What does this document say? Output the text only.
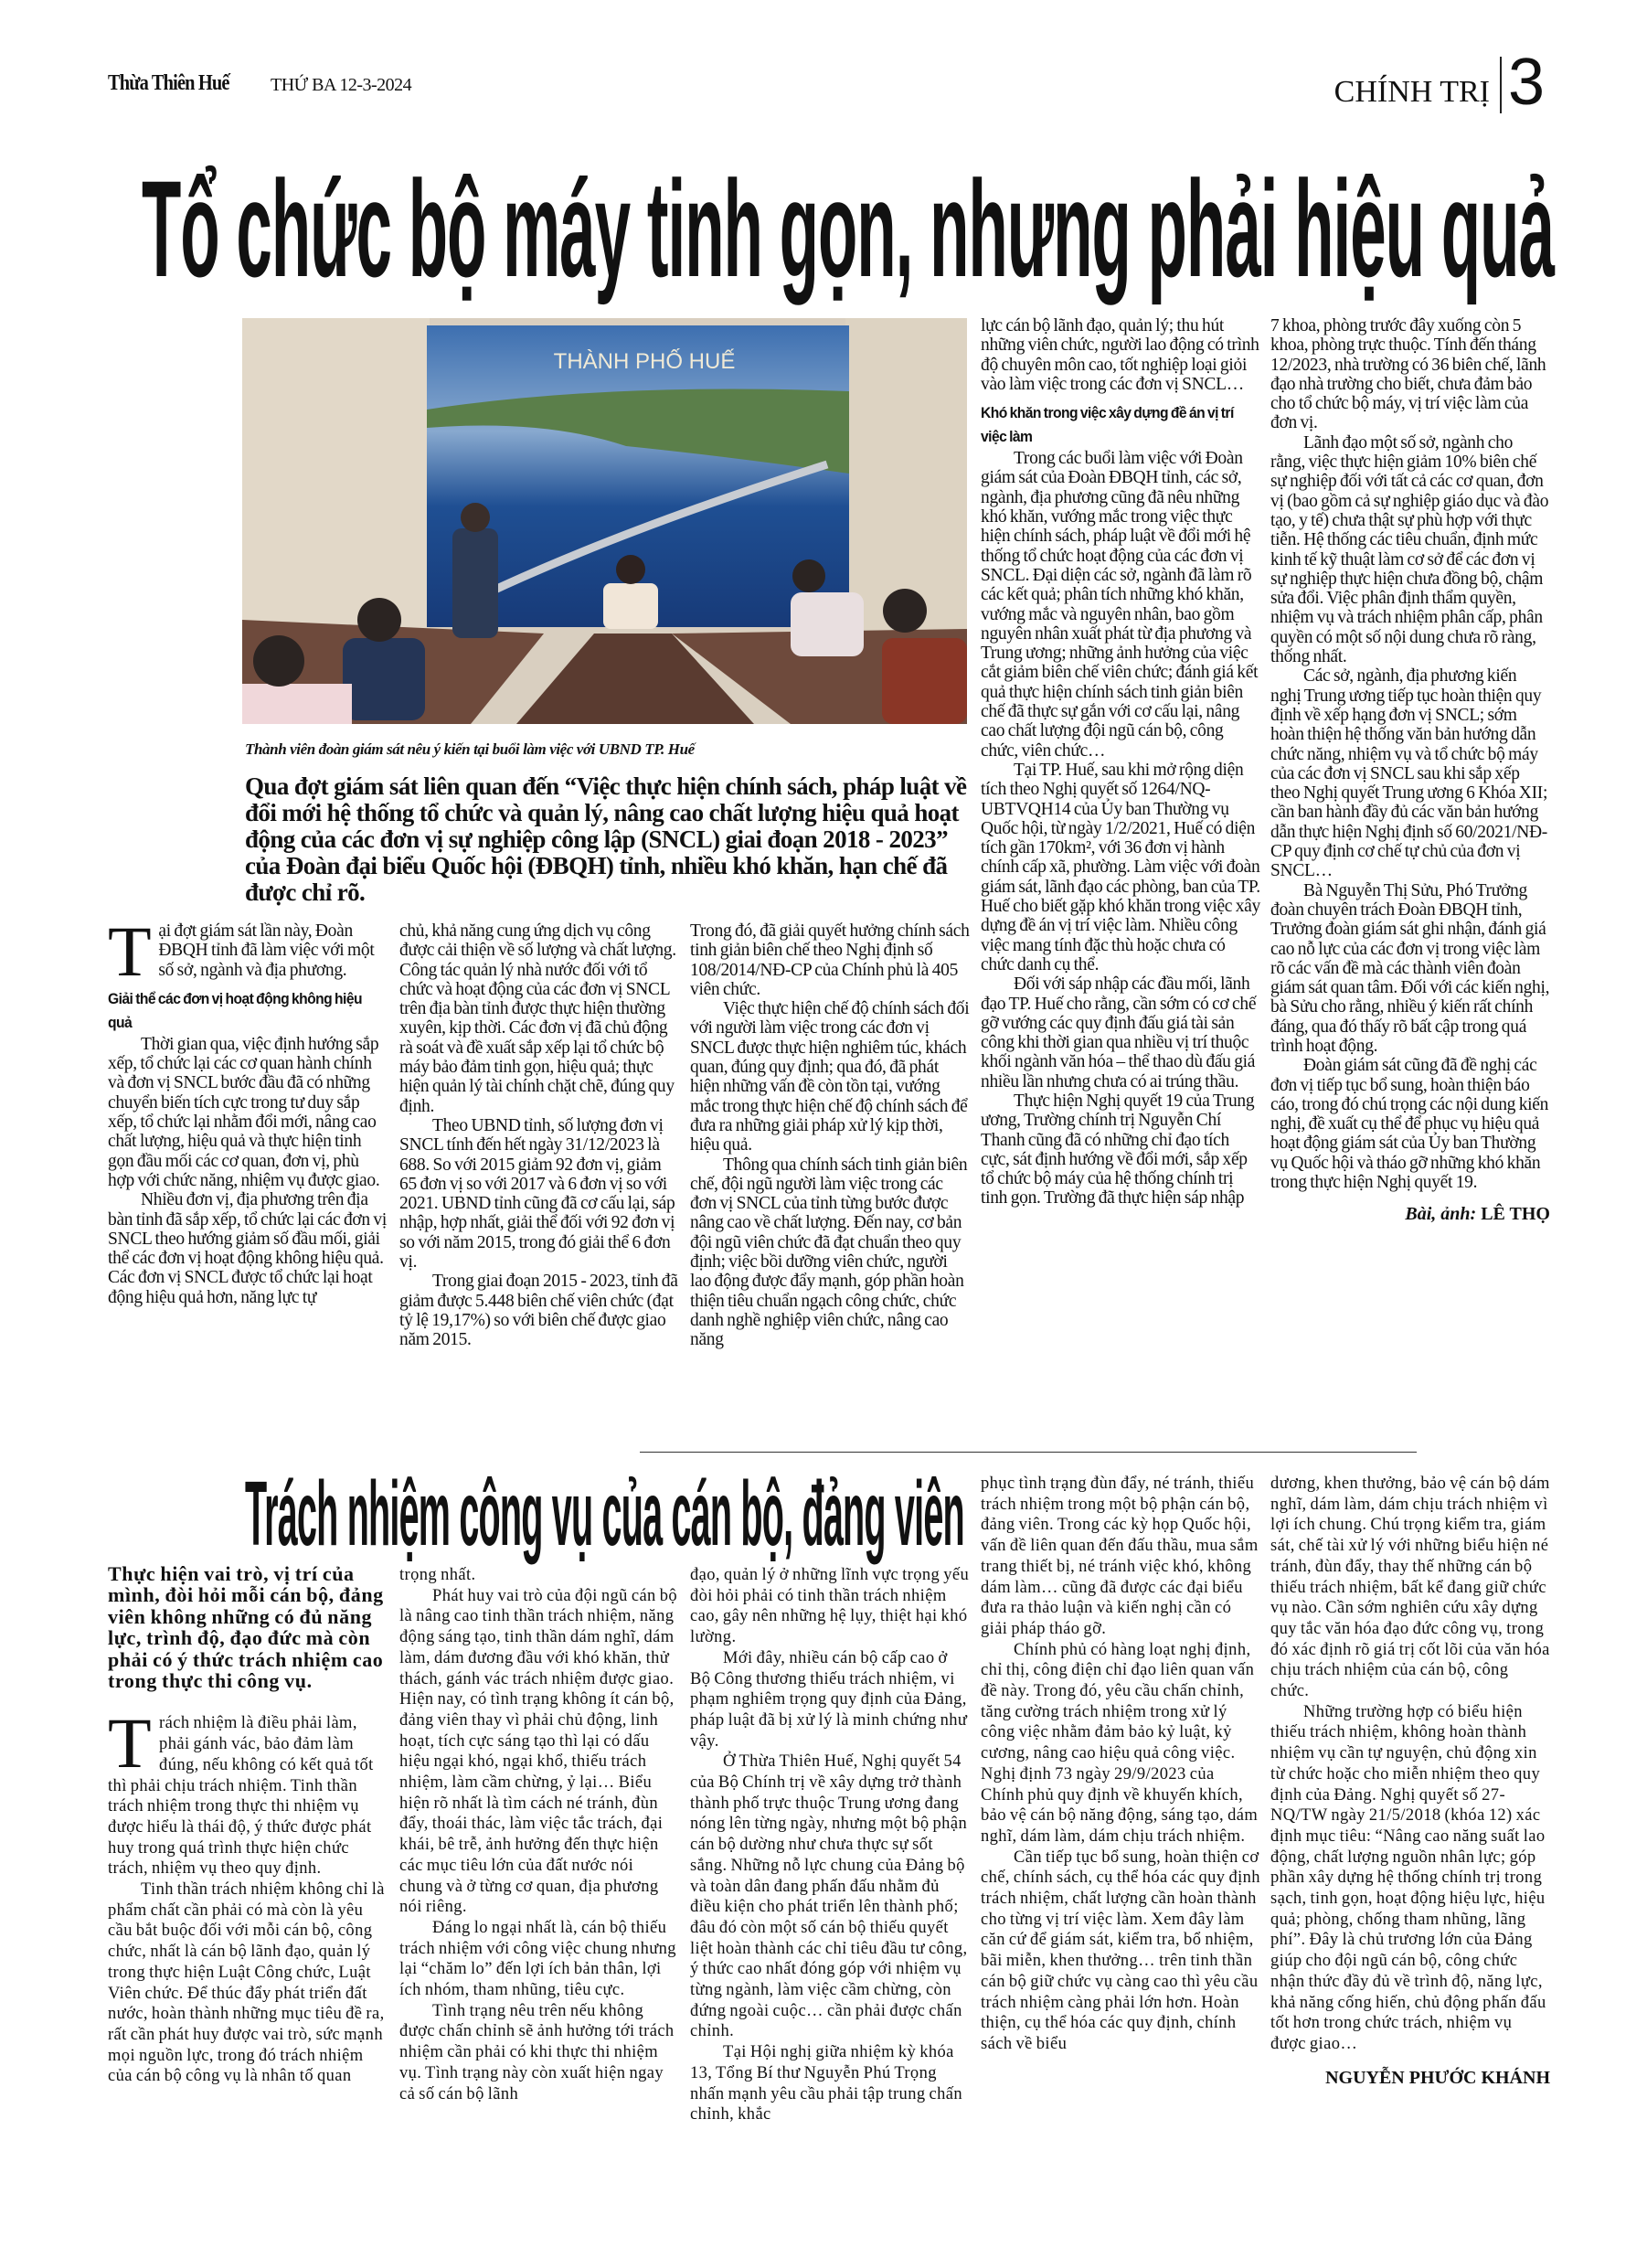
Thừa Thiên Huế THỨ BA 12-3-2024	CHÍNH TRỊ 3
Tổ chức bộ máy tinh gọn, nhưng phải hiệu quả
THÀNH PHỐ HUẾ
Thành viên đoàn giám sát nêu ý kiến tại buổi làm việc với UBND TP. Huế
Qua đợt giám sát liên quan đến “Việc thực hiện chính sách, pháp luật về đổi mới hệ thống tổ chức và quản lý, nâng cao chất lượng hiệu quả hoạt động của các đơn vị sự nghiệp công lập (SNCL) giai đoạn 2018 - 2023” của Đoàn đại biểu Quốc hội (ĐBQH) tỉnh, nhiều khó khăn, hạn chế đã được chỉ rõ.

Tại đợt giám sát lần này, Đoàn ĐBQH tỉnh đã làm việc với một số sở, ngành và địa phương.

Giải thể các đơn vị hoạt động không hiệu quả

Thời gian qua, việc định hướng sắp xếp, tổ chức lại các cơ quan hành chính và đơn vị SNCL bước đầu đã có những chuyển biến tích cực trong tư duy sắp xếp, tổ chức lại nhằm đổi mới, nâng cao chất lượng, hiệu quả và thực hiện tinh gọn đầu mối các cơ quan, đơn vị, phù hợp với chức năng, nhiệm vụ được giao.

Nhiều đơn vị, địa phương trên địa bàn tỉnh đã sắp xếp, tổ chức lại các đơn vị SNCL theo hướng giảm số đầu mối, giải thể các đơn vị hoạt động không hiệu quả. Các đơn vị SNCL được tổ chức lại hoạt động hiệu quả hơn, năng lực tự

chủ, khả năng cung ứng dịch vụ công được cải thiện về số lượng và chất lượng. Công tác quản lý nhà nước đối với tổ chức và hoạt động của các đơn vị SNCL trên địa bàn tỉnh được thực hiện thường xuyên, kịp thời. Các đơn vị đã chủ động rà soát và đề xuất sắp xếp lại tổ chức bộ máy bảo đảm tinh gọn, hiệu quả; thực hiện quản lý tài chính chặt chẽ, đúng quy định.

Theo UBND tỉnh, số lượng đơn vị SNCL tính đến hết ngày 31/12/2023 là 688. So với 2015 giảm 92 đơn vị, giảm 65 đơn vị so với 2017 và 6 đơn vị so với 2021. UBND tỉnh cũng đã cơ cấu lại, sáp nhập, hợp nhất, giải thể đối với 92 đơn vị so với năm 2015, trong đó giải thể 6 đơn vị.

Trong giai đoạn 2015 - 2023, tỉnh đã giảm được 5.448 biên chế viên chức (đạt tỷ lệ 19,17%) so với biên chế được giao năm 2015.

Trong đó, đã giải quyết hưởng chính sách tinh giản biên chế theo Nghị định số 108/2014/NĐ-CP của Chính phủ là 405 viên chức.

Việc thực hiện chế độ chính sách đối với người làm việc trong các đơn vị SNCL được thực hiện nghiêm túc, khách quan, đúng quy định; qua đó, đã phát hiện những vấn đề còn tồn tại, vướng mắc trong thực hiện chế độ chính sách để đưa ra những giải pháp xử lý kịp thời, hiệu quả.

Thông qua chính sách tinh giản biên chế, đội ngũ người làm việc trong các đơn vị SNCL của tỉnh từng bước được nâng cao về chất lượng. Đến nay, cơ bản đội ngũ viên chức đã đạt chuẩn theo quy định; việc bồi dưỡng viên chức, người lao động được đẩy mạnh, góp phần hoàn thiện tiêu chuẩn ngạch công chức, chức danh nghề nghiệp viên chức, nâng cao năng

lực cán bộ lãnh đạo, quản lý; thu hút những viên chức, người lao động có trình độ chuyên môn cao, tốt nghiệp loại giỏi vào làm việc trong các đơn vị SNCL…

Khó khăn trong việc xây dựng đề án vị trí việc làm

Trong các buổi làm việc với Đoàn giám sát của Đoàn ĐBQH tỉnh, các sở, ngành, địa phương cũng đã nêu những khó khăn, vướng mắc trong việc thực hiện chính sách, pháp luật về đổi mới hệ thống tổ chức hoạt động của các đơn vị SNCL. Đại diện các sở, ngành đã làm rõ các kết quả; phân tích những khó khăn, vướng mắc và nguyên nhân, bao gồm nguyên nhân xuất phát từ địa phương và Trung ương; những ảnh hưởng của việc cắt giảm biên chế viên chức; đánh giá kết quả thực hiện chính sách tinh giản biên chế đã thực sự gắn với cơ cấu lại, nâng cao chất lượng đội ngũ cán bộ, công chức, viên chức…

Tại TP. Huế, sau khi mở rộng diện tích theo Nghị quyết số 1264/NQ-UBTVQH14 của Ủy ban Thường vụ Quốc hội, từ ngày 1/2/2021, Huế có diện tích gần 170km², với 36 đơn vị hành chính cấp xã, phường. Làm việc với đoàn giám sát, lãnh đạo các phòng, ban của TP. Huế cho biết gặp khó khăn trong việc xây dựng đề án vị trí việc làm. Nhiều công việc mang tính đặc thù hoặc chưa có chức danh cụ thể.

Đối với sáp nhập các đầu mối, lãnh đạo TP. Huế cho rằng, cần sớm có cơ chế gỡ vướng các quy định đấu giá tài sản công khi thời gian qua nhiều vị trí thuộc khối ngành văn hóa – thể thao dù đấu giá nhiều lần nhưng chưa có ai trúng thầu.

Thực hiện Nghị quyết 19 của Trung ương, Trường chính trị Nguyễn Chí Thanh cũng đã có những chỉ đạo tích cực, sát định hướng về đổi mới, sắp xếp tổ chức bộ máy của hệ thống chính trị tinh gọn. Trường đã thực hiện sáp nhập

7 khoa, phòng trước đây xuống còn 5 khoa, phòng trực thuộc. Tính đến tháng 12/2023, nhà trường có 36 biên chế, lãnh đạo nhà trường cho biết, chưa đảm bảo cho tổ chức bộ máy, vị trí việc làm của đơn vị.

Lãnh đạo một số sở, ngành cho rằng, việc thực hiện giảm 10% biên chế sự nghiệp đối với tất cả các cơ quan, đơn vị (bao gồm cả sự nghiệp giáo dục và đào tạo, y tế) chưa thật sự phù hợp với thực tiễn. Hệ thống các tiêu chuẩn, định mức kinh tế kỹ thuật làm cơ sở để các đơn vị sự nghiệp thực hiện chưa đồng bộ, chậm sửa đổi. Việc phân định thẩm quyền, nhiệm vụ và trách nhiệm phân cấp, phân quyền có một số nội dung chưa rõ ràng, thống nhất.

Các sở, ngành, địa phương kiến nghị Trung ương tiếp tục hoàn thiện quy định về xếp hạng đơn vị SNCL; sớm hoàn thiện hệ thống văn bản hướng dẫn chức năng, nhiệm vụ và tổ chức bộ máy của các đơn vị SNCL sau khi sắp xếp theo Nghị quyết Trung ương 6 Khóa XII; cần ban hành đầy đủ các văn bản hướng dẫn thực hiện Nghị định số 60/2021/NĐ-CP quy định cơ chế tự chủ của đơn vị SNCL…

Bà Nguyễn Thị Sửu, Phó Trưởng đoàn chuyên trách Đoàn ĐBQH tỉnh, Trưởng đoàn giám sát ghi nhận, đánh giá cao nỗ lực của các đơn vị trong việc làm rõ các vấn đề mà các thành viên đoàn giám sát quan tâm. Đối với các kiến nghị, bà Sửu cho rằng, nhiều ý kiến rất chính đáng, qua đó thấy rõ bất cập trong quá trình hoạt động.

Đoàn giám sát cũng đã đề nghị các đơn vị tiếp tục bổ sung, hoàn thiện báo cáo, trong đó chú trọng các nội dung kiến nghị, đề xuất cụ thể để phục vụ hiệu quả hoạt động giám sát của Ủy ban Thường vụ Quốc hội và tháo gỡ những khó khăn trong thực hiện Nghị quyết 19.

Bài, ảnh: LÊ THỌ
Trách nhiệm công vụ của cán bộ, đảng viên
Thực hiện vai trò, vị trí của mình, đòi hỏi mỗi cán bộ, đảng viên không những có đủ năng lực, trình độ, đạo đức mà còn phải có ý thức trách nhiệm cao trong thực thi công vụ.

Trách nhiệm là điều phải làm, phải gánh vác, bảo đảm làm đúng, nếu không có kết quả tốt thì phải chịu trách nhiệm. Tinh thần trách nhiệm trong thực thi nhiệm vụ được hiểu là thái độ, ý thức được phát huy trong quá trình thực hiện chức trách, nhiệm vụ theo quy định.

Tinh thần trách nhiệm không chỉ là phẩm chất cần phải có mà còn là yêu cầu bắt buộc đối với mỗi cán bộ, công chức, nhất là cán bộ lãnh đạo, quản lý trong thực hiện Luật Công chức, Luật Viên chức. Để thúc đẩy phát triển đất nước, hoàn thành những mục tiêu đề ra, rất cần phát huy được vai trò, sức mạnh mọi nguồn lực, trong đó trách nhiệm của cán bộ công vụ là nhân tố quan

trọng nhất.

Phát huy vai trò của đội ngũ cán bộ là nâng cao tinh thần trách nhiệm, năng động sáng tạo, tinh thần dám nghĩ, dám làm, dám đương đầu với khó khăn, thử thách, gánh vác trách nhiệm được giao. Hiện nay, có tình trạng không ít cán bộ, đảng viên thay vì phải chủ động, linh hoạt, tích cực sáng tạo thì lại có dấu hiệu ngại khó, ngại khổ, thiếu trách nhiệm, làm cầm chừng, ỷ lại… Biểu hiện rõ nhất là tìm cách né tránh, đùn đẩy, thoái thác, làm việc tắc trách, đại khái, bê trễ, ảnh hưởng đến thực hiện các mục tiêu lớn của đất nước nói chung và ở từng cơ quan, địa phương nói riêng.

Đáng lo ngại nhất là, cán bộ thiếu trách nhiệm với công việc chung nhưng lại “chăm lo” đến lợi ích bản thân, lợi ích nhóm, tham nhũng, tiêu cực.

Tình trạng nêu trên nếu không được chấn chỉnh sẽ ảnh hưởng tới trách nhiệm cần phải có khi thực thi nhiệm vụ. Tình trạng này còn xuất hiện ngay cả số cán bộ lãnh

đạo, quản lý ở những lĩnh vực trọng yếu đòi hỏi phải có tinh thần trách nhiệm cao, gây nên những hệ lụy, thiệt hại khó lường.

Mới đây, nhiều cán bộ cấp cao ở Bộ Công thương thiếu trách nhiệm, vi phạm nghiêm trọng quy định của Đảng, pháp luật đã bị xử lý là minh chứng như vậy.

Ở Thừa Thiên Huế, Nghị quyết 54 của Bộ Chính trị về xây dựng trở thành thành phố trực thuộc Trung ương đang nóng lên từng ngày, nhưng một bộ phận cán bộ dường như chưa thực sự sốt sắng. Những nỗ lực chung của Đảng bộ và toàn dân đang phấn đấu nhằm đủ điều kiện cho phát triển lên thành phố; đâu đó còn một số cán bộ thiếu quyết liệt hoàn thành các chỉ tiêu đầu tư công, ý thức cao nhất đóng góp với nhiệm vụ từng ngành, làm việc cầm chừng, còn đứng ngoài cuộc… cần phải được chấn chỉnh.

Tại Hội nghị giữa nhiệm kỳ khóa 13, Tổng Bí thư Nguyễn Phú Trọng nhấn mạnh yêu cầu phải tập trung chấn chỉnh, khắc

phục tình trạng đùn đẩy, né tránh, thiếu trách nhiệm trong một bộ phận cán bộ, đảng viên. Trong các kỳ họp Quốc hội, vấn đề liên quan đến đấu thầu, mua sắm trang thiết bị, né tránh việc khó, không dám làm… cũng đã được các đại biểu đưa ra thảo luận và kiến nghị cần có giải pháp tháo gỡ.

Chính phủ có hàng loạt nghị định, chỉ thị, công điện chỉ đạo liên quan vấn đề này. Trong đó, yêu cầu chấn chỉnh, tăng cường trách nhiệm trong xử lý công việc nhằm đảm bảo kỷ luật, kỷ cương, nâng cao hiệu quả công việc. Nghị định 73 ngày 29/9/2023 của Chính phủ quy định về khuyến khích, bảo vệ cán bộ năng động, sáng tạo, dám nghĩ, dám làm, dám chịu trách nhiệm.

Cần tiếp tục bổ sung, hoàn thiện cơ chế, chính sách, cụ thể hóa các quy định trách nhiệm, chất lượng cần hoàn thành cho từng vị trí việc làm. Xem đây làm căn cứ để giám sát, kiểm tra, bổ nhiệm, bãi miễn, khen thưởng… trên tinh thần cán bộ giữ chức vụ càng cao thì yêu cầu trách nhiệm càng phải lớn hơn. Hoàn thiện, cụ thể hóa các quy định, chính sách về biểu

dương, khen thưởng, bảo vệ cán bộ dám nghĩ, dám làm, dám chịu trách nhiệm vì lợi ích chung. Chú trọng kiểm tra, giám sát, chế tài xử lý với những biểu hiện né tránh, đùn đẩy, thay thế những cán bộ thiếu trách nhiệm, bất kể đang giữ chức vụ nào. Cần sớm nghiên cứu xây dựng quy tắc văn hóa đạo đức công vụ, trong đó xác định rõ giá trị cốt lõi của văn hóa chịu trách nhiệm của cán bộ, công chức.

Những trường hợp có biểu hiện thiếu trách nhiệm, không hoàn thành nhiệm vụ cần tự nguyện, chủ động xin từ chức hoặc cho miễn nhiệm theo quy định của Đảng. Nghị quyết số 27-NQ/TW ngày 21/5/2018 (khóa 12) xác định mục tiêu: “Nâng cao năng suất lao động, chất lượng nguồn nhân lực; góp phần xây dựng hệ thống chính trị trong sạch, tinh gọn, hoạt động hiệu lực, hiệu quả; phòng, chống tham nhũng, lãng phí”. Đây là chủ trương lớn của Đảng giúp cho đội ngũ cán bộ, công chức nhận thức đầy đủ về trình độ, năng lực, khả năng cống hiến, chủ động phấn đấu tốt hơn trong chức trách, nhiệm vụ được giao…

NGUYỄN PHƯỚC KHÁNH
